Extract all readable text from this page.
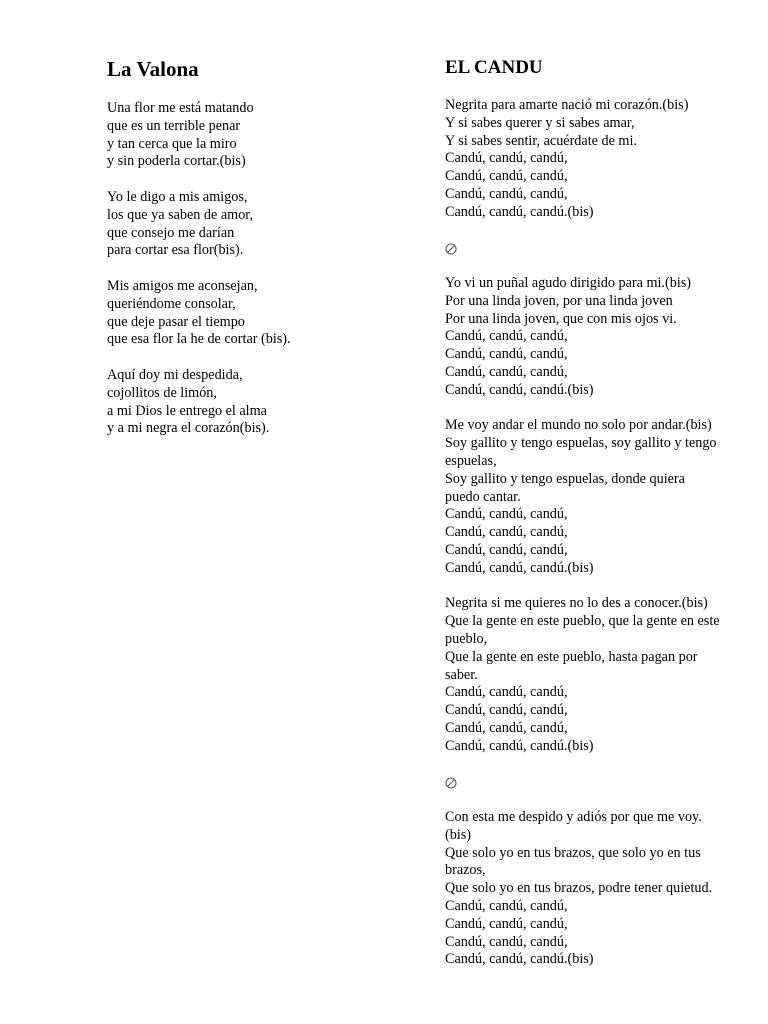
La Valona
Una flor me está matando
que es un terrible penar
y tan cerca que la miro
y sin poderla cortar.(bis)
Yo le digo a mis amigos,
los que ya saben de amor,
que consejo me darían
para cortar esa flor(bis).
Mis amigos me aconsejan,
queriéndome consolar,
que deje pasar el tiempo
que esa flor la he de cortar (bis).
Aquí doy mi despedida,
cojollitos de limón,
a mi Dios le entrego el alma
y a mi negra el corazón(bis).
EL CANDU
Negrita para amarte nació mi corazón.(bis)
Y si sabes querer y si sabes amar,
Y si sabes sentir, acuérdate de mi.
Candú, candú, candú,
Candú, candú, candú,
Candú, candú, candú,
Candú, candú, candú.(bis)
Yo vi un puñal agudo dirigido para mi.(bis)
Por una linda joven, por una linda joven
Por una linda joven, que con mis ojos vi.
Candú, candú, candú,
Candú, candú, candú,
Candú, candú, candú,
Candú, candú, candú.(bis)
Me voy andar el mundo no solo por andar.(bis)
Soy gallito y tengo espuelas, soy gallito y tengo
espuelas,
Soy gallito y tengo espuelas, donde quiera
puedo cantar.
Candú, candú, candú,
Candú, candú, candú,
Candú, candú, candú,
Candú, candú, candú.(bis)
Negrita si me quieres no lo des a conocer.(bis)
Que la gente en este pueblo, que la gente en este
pueblo,
Que la gente en este pueblo, hasta pagan por
saber.
Candú, candú, candú,
Candú, candú, candú,
Candú, candú, candú,
Candú, candú, candú.(bis)
Con esta me despido y adiós por que me voy.
(bis)
Que solo yo en tus brazos, que solo yo en tus
brazos,
Que solo yo en tus brazos, podre tener quietud.
Candú, candú, candú,
Candú, candú, candú,
Candú, candú, candú,
Candú, candú, candú.(bis)
